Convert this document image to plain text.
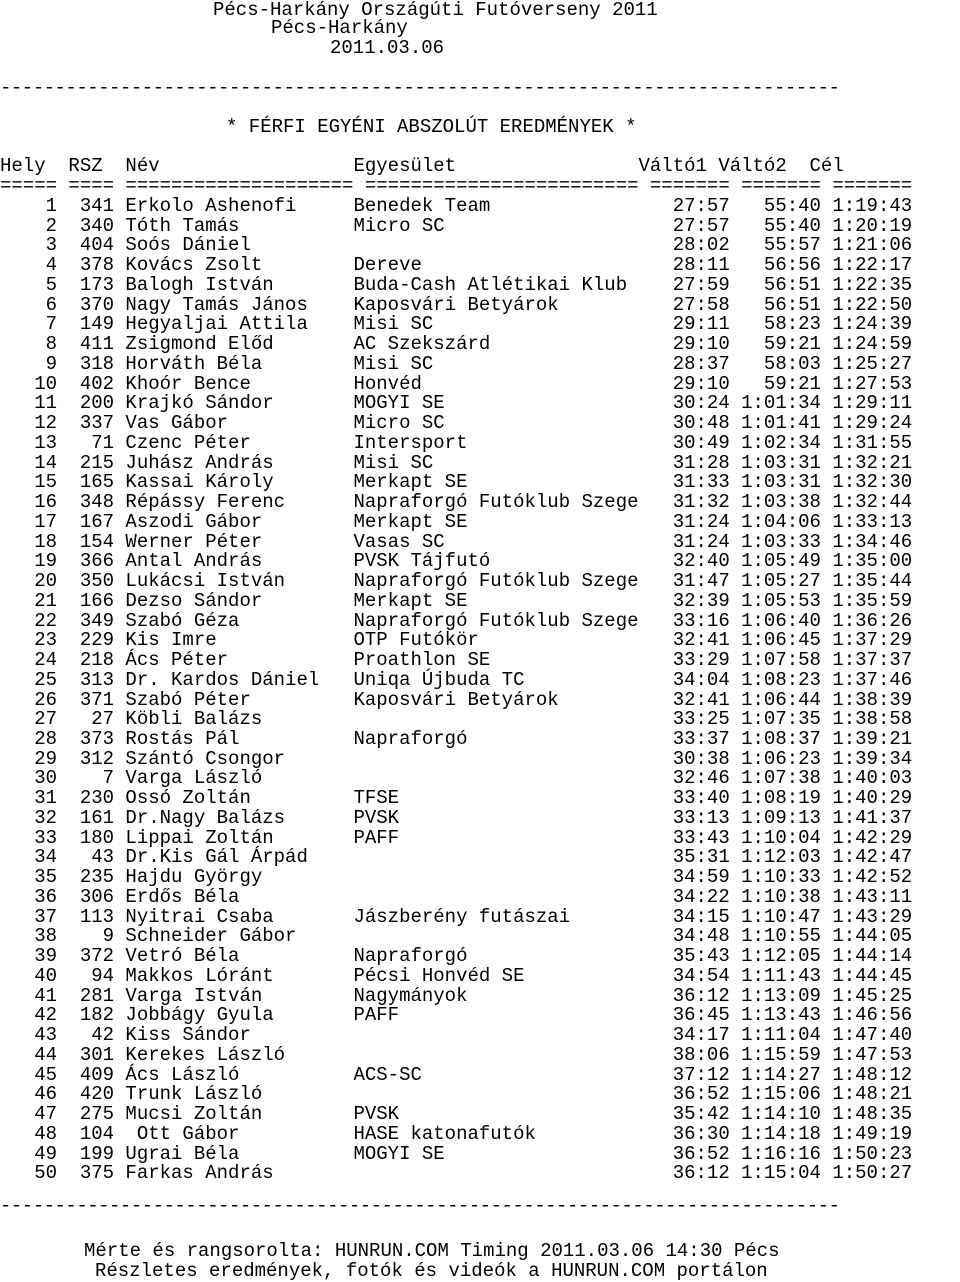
Pécs-Harkány Országúti Futóverseny 2011
Pécs-Harkány
2011.03.06
-----------------------------------------------------------------------------
* FÉRFI EGYÉNI ABSZOLÚT EREDMÉNYEK *
Hely  RSZ  Név                 Egyesület                Váltó1 Váltó2  Cél
===== ==== ==================== ======================== ======= ======= =======
1  341 Erkolo Ashenofi     Benedek Team                27:57   55:40 1:19:43
2  340 Tóth Tamás          Micro SC                    27:57   55:40 1:20:19
3  404 Soós Dániel                                     28:02   55:57 1:21:06
4  378 Kovács Zsolt        Dereve                      28:11   56:56 1:22:17
5  173 Balogh István       Buda-Cash Atlétikai Klub    27:59   56:51 1:22:35
6  370 Nagy Tamás János    Kaposvári Betyárok          27:58   56:51 1:22:50
7  149 Hegyaljai Attila    Misi SC                     29:11   58:23 1:24:39
8  411 Zsigmond Előd       AC Szekszárd                29:10   59:21 1:24:59
9  318 Horváth Béla        Misi SC                     28:37   58:03 1:25:27
10  402 Khoór Bence         Honvéd                      29:10   59:21 1:27:53
11  200 Krajkó Sándor       MOGYI SE                    30:24 1:01:34 1:29:11
12  337 Vas Gábor           Micro SC                    30:48 1:01:41 1:29:24
13   71 Czenc Péter         Intersport                  30:49 1:02:34 1:31:55
14  215 Juhász András       Misi SC                     31:28 1:03:31 1:32:21
15  165 Kassai Károly       Merkapt SE                  31:33 1:03:31 1:32:30
16  348 Répássy Ferenc      Napraforgó Futóklub Szege   31:32 1:03:38 1:32:44
17  167 Aszodi Gábor        Merkapt SE                  31:24 1:04:06 1:33:13
18  154 Werner Péter        Vasas SC                    31:24 1:03:33 1:34:46
19  366 Antal András        PVSK Tájfutó                32:40 1:05:49 1:35:00
20  350 Lukácsi István      Napraforgó Futóklub Szege   31:47 1:05:27 1:35:44
21  166 Dezso Sándor        Merkapt SE                  32:39 1:05:53 1:35:59
22  349 Szabó Géza          Napraforgó Futóklub Szege   33:16 1:06:40 1:36:26
23  229 Kis Imre            OTP Futókör                 32:41 1:06:45 1:37:29
24  218 Ács Péter           Proathlon SE                33:29 1:07:58 1:37:37
25  313 Dr. Kardos Dániel   Uniqa Újbuda TC             34:04 1:08:23 1:37:46
26  371 Szabó Péter         Kaposvári Betyárok          32:41 1:06:44 1:38:39
27   27 Köbli Balázs                                    33:25 1:07:35 1:38:58
28  373 Rostás Pál          Napraforgó                  33:37 1:08:37 1:39:21
29  312 Szántó Csongor                                  30:38 1:06:23 1:39:34
30    7 Varga László                                    32:46 1:07:38 1:40:03
31  230 Ossó Zoltán         TFSE                        33:40 1:08:19 1:40:29
32  161 Dr.Nagy Balázs      PVSK                        33:13 1:09:13 1:41:37
33  180 Lippai Zoltán       PAFF                        33:43 1:10:04 1:42:29
34   43 Dr.Kis Gál Árpád                                35:31 1:12:03 1:42:47
35  235 Hajdu György                                    34:59 1:10:33 1:42:52
36  306 Erdős Béla                                      34:22 1:10:38 1:43:11
37  113 Nyitrai Csaba       Jászberény futászai         34:15 1:10:47 1:43:29
38    9 Schneider Gábor                                 34:48 1:10:55 1:44:05
39  372 Vetró Béla          Napraforgó                  35:43 1:12:05 1:44:14
40   94 Makkos Lóránt       Pécsi Honvéd SE             34:54 1:11:43 1:44:45
41  281 Varga István        Nagymányok                  36:12 1:13:09 1:45:25
42  182 Jobbágy Gyula       PAFF                        36:45 1:13:43 1:46:56
43   42 Kiss Sándor                                     34:17 1:11:04 1:47:40
44  301 Kerekes László                                  38:06 1:15:59 1:47:53
45  409 Ács László          ACS-SC                      37:12 1:14:27 1:48:12
46  420 Trunk László                                    36:52 1:15:06 1:48:21
47  275 Mucsi Zoltán        PVSK                        35:42 1:14:10 1:48:35
48  104  Ott Gábor          HASE katonafutók            36:30 1:14:18 1:49:19
49  199 Ugrai Béla          MOGYI SE                    36:52 1:16:16 1:50:23
50  375 Farkas András                                   36:12 1:15:04 1:50:27
-----------------------------------------------------------------------------
Mérte és rangsorolta: HUNRUN.COM Timing 2011.03.06 14:30 Pécs
Részletes eredmények, fotók és videók a HUNRUN.COM portálon
